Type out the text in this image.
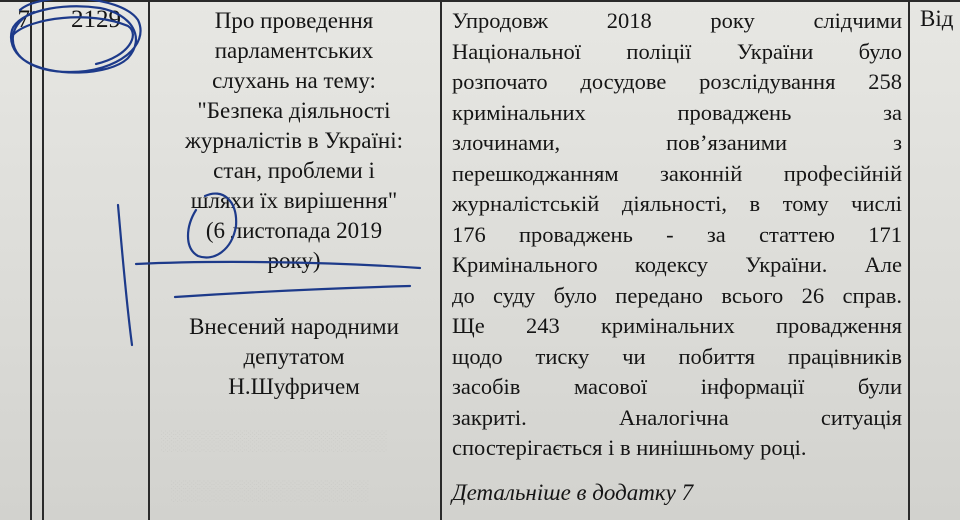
░░░░░░░░░░░░░░░░
░░░░░░░░░░░░░░
7	2129	Про проведення
парламентських
слухань на тему:
"Безпека діяльності
журналістів в Україні:
стан, проблеми і
шляхи їх вирішення"
(6 листопада 2019
року)
Внесений народними
депутатом
Н.Шуфричем
Упродовж 2018 року слідчими
Національної поліції України було
розпочато досудове розслідування 258
кримінальних проваджень за
злочинами, пов’язаними з
перешкоджанням законній професійній
журналістській діяльності, в тому числі
176 проваджень - за статтею 171
Кримінального кодексу України. Але
до суду було передано всього 26 справ.
Ще 243 кримінальних провадження
щодо тиску чи побиття працівників
засобів масової інформації були
закриті. Аналогічна ситуація
спостерігається і в нинішньому році.
Детальніше в додатку 7
Від
